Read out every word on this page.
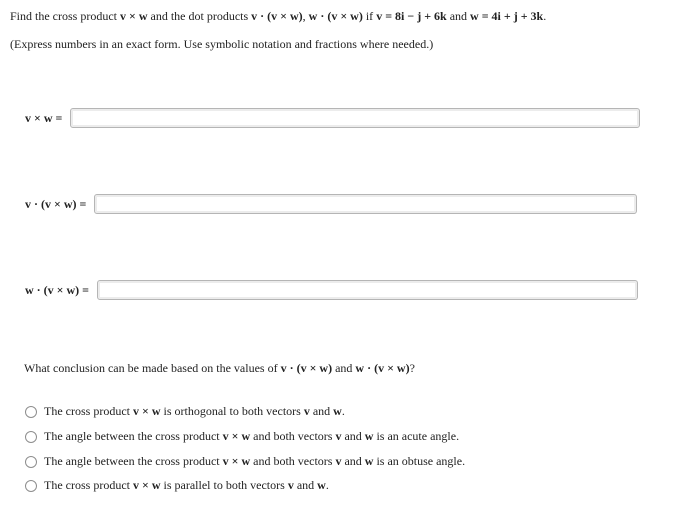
Find the cross product v × w and the dot products v · (v × w), w · (v × w) if v = 8i − j + 6k and w = 4i + j + 3k.
(Express numbers in an exact form. Use symbolic notation and fractions where needed.)
v × w =
v · (v × w) =
w · (v × w) =
What conclusion can be made based on the values of v · (v × w) and w · (v × w)?
The cross product v × w is orthogonal to both vectors v and w.
The angle between the cross product v × w and both vectors v and w is an acute angle.
The angle between the cross product v × w and both vectors v and w is an obtuse angle.
The cross product v × w is parallel to both vectors v and w.
